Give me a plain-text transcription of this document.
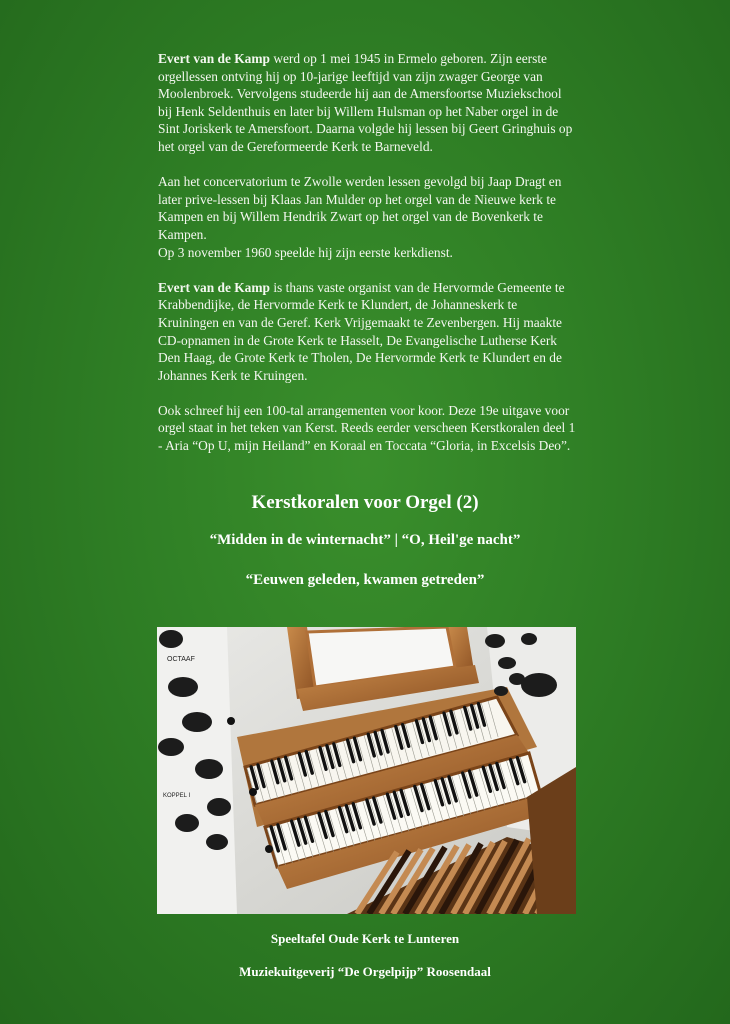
Evert van de Kamp werd op 1 mei 1945 in Ermelo geboren. Zijn eerste orgellessen ontving hij op 10-jarige leeftijd van zijn zwager George van Moolenbroek. Vervolgens studeerde hij aan de Amersfoortse Muziekschool bij Henk Seldenthuis en later bij Willem Hulsman op het Naber orgel in de Sint Joriskerk te Amersfoort. Daarna volgde hij lessen bij Geert Gringhuis op het orgel van de Gereformeerde Kerk te Barneveld.

Aan het concervatorium te Zwolle werden lessen gevolgd bij Jaap Dragt en later prive-lessen bij Klaas Jan Mulder op het orgel van de Nieuwe kerk te Kampen en bij Willem Hendrik Zwart op het orgel van de Bovenkerk te Kampen.
Op 3 november 1960 speelde hij zijn eerste kerkdienst.

Evert van de Kamp is thans vaste organist van de Hervormde Gemeente te Krabbendijke, de Hervormde Kerk te Klundert, de Johanneskerk te Kruiningen en van de Geref. Kerk Vrijgemaakt te Zevenbergen. Hij maakte CD-opnamen in de Grote Kerk te Hasselt, De Evangelische Lutherse Kerk Den Haag, de Grote Kerk te Tholen, De Hervormde Kerk te Klundert en de Johannes Kerk te Kruingen.

Ook schreef hij een 100-tal arrangementen voor koor. Deze 19e uitgave voor orgel staat in het teken van Kerst. Reeds eerder verscheen Kerstkoralen deel 1 - Aria “Op U, mijn Heiland” en Koraal en Toccata “Gloria, in Excelsis Deo”.

Kerstkoralen voor Orgel (2)
“Midden in de winternacht” | “O, Heil'ge nacht”
“Eeuwen geleden, kwamen getreden”
OCTAAF
KOPPEL I
Speeltafel Oude Kerk te Lunteren
Muziekuitgeverij “De Orgelpijp” Roosendaal
